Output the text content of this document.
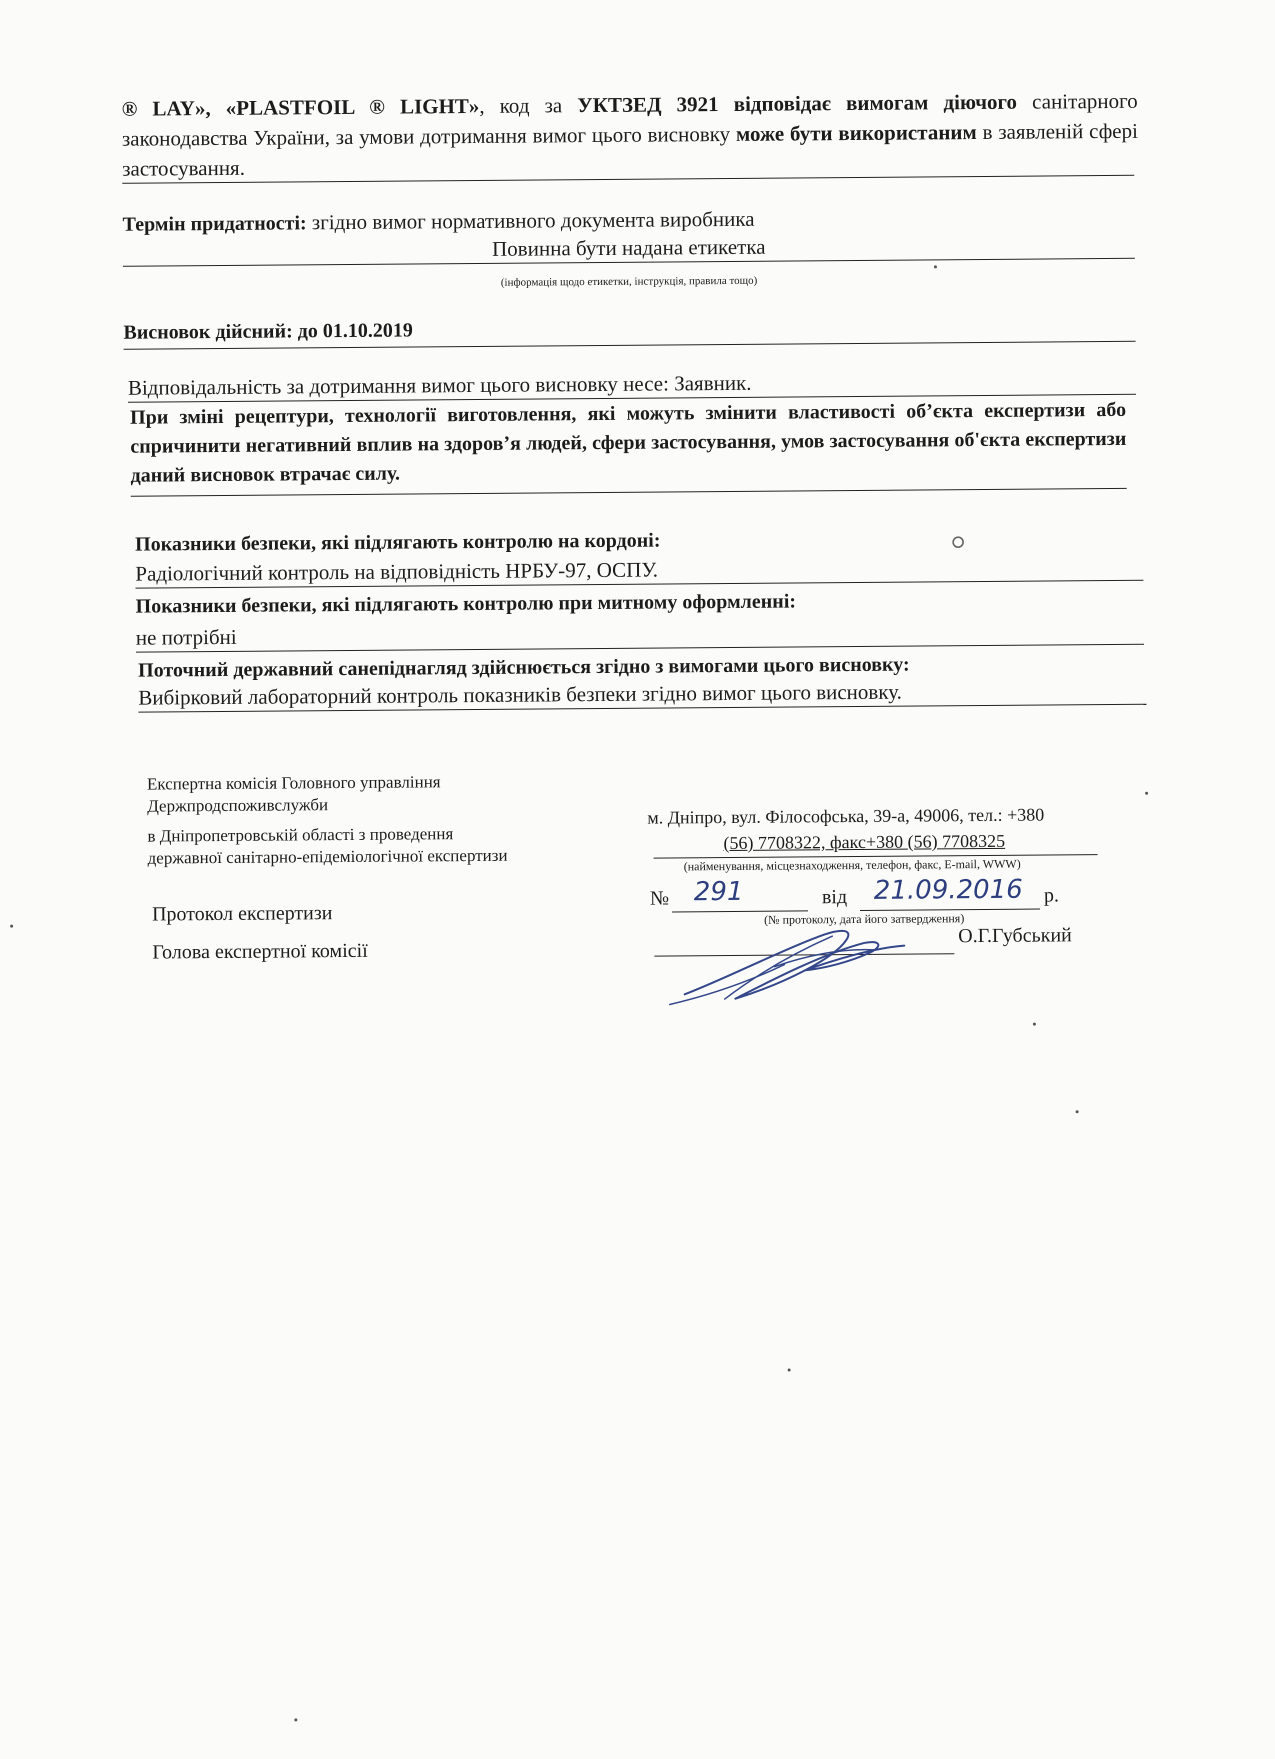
® LAY», «PLASTFOIL ® LIGHT», код за УКТЗЕД 3921 відповідає вимогам діючого санітарного законодавства України, за умови дотримання вимог цього висновку може бути використаним в заявленій сфері застосування.
Термін придатності: згідно вимог нормативного документа виробника
Повинна бути надана етикетка
(інформація щодо етикетки, інструкція, правила тощо)
Висновок дійсний: до 01.10.2019
Відповідальність за дотримання вимог цього висновку несе: Заявник.
При зміні рецептури, технології виготовлення, які можуть змінити властивості об’єкта експертизи або спричинити негативний вплив на здоров’я людей, сфери застосування, умов застосування об'єкта експертизи даний висновок втрачає силу.
Показники безпеки, які підлягають контролю на кордоні:
Радіологічний контроль на відповідність НРБУ-97, ОСПУ.
Показники безпеки, які підлягають контролю при митному оформленні:
не потрібні
Поточний державний санепіднагляд здійснюється згідно з вимогами цього висновку:
Вибірковий лабораторний контроль показників безпеки згідно вимог цього висновку.
Експертна комісія Головного управління
Держпродспоживслужби
в Дніпропетровській області з проведення
державної санітарно-епідеміологічної експертизи
Протокол експертизи
Голова експертної комісії
м. Дніпро, вул. Філософська, 39-а, 49006, тел.: +380
(56) 7708322, факс+380 (56) 7708325
(найменування, місцезнаходження, телефон, факс, E-mail, WWW)
№ 291	від 21.09.2016 р.
(№ протоколу, дата його затвердження)
О.Г.Губський
